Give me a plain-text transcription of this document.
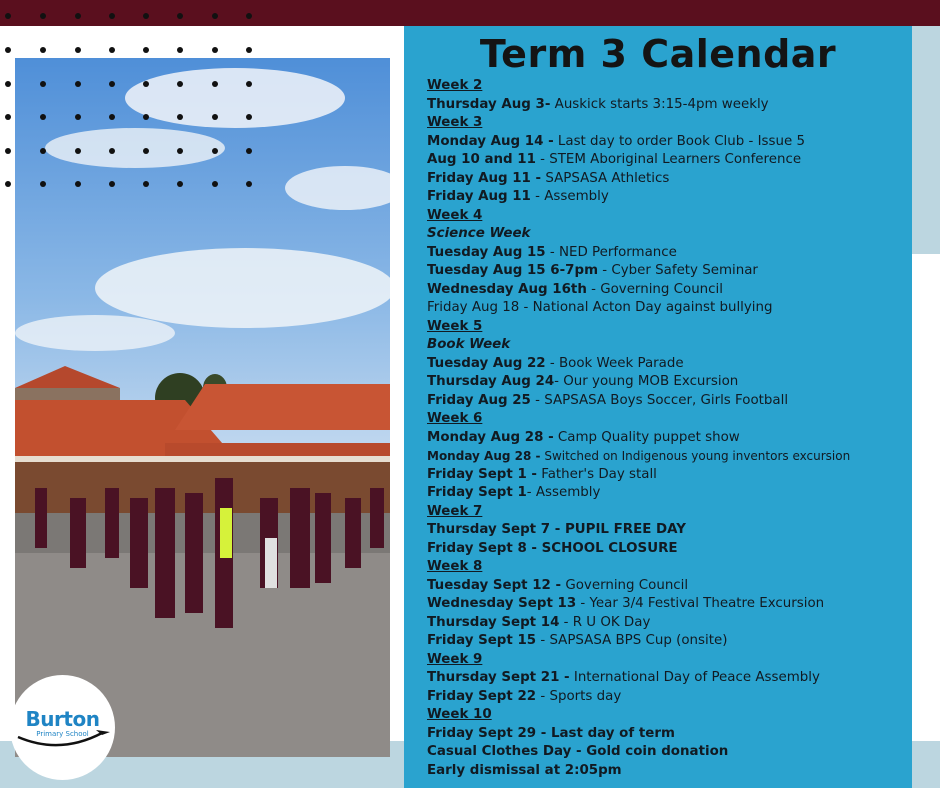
Term 3 Calendar
Week 2
Thursday Aug 3- Auskick starts 3:15-4pm weekly
Week 3
Monday Aug 14 - Last day to order Book Club - Issue 5
Aug 10 and 11 - STEM Aboriginal Learners Conference
Friday Aug 11 - SAPSASA Athletics
Friday Aug 11 - Assembly
Week 4
Science Week
Tuesday Aug 15 - NED Performance
Tuesday Aug 15 6-7pm - Cyber Safety Seminar
Wednesday Aug 16th - Governing Council
Friday Aug 18 - National Acton Day against bullying
Week 5
Book Week
Tuesday Aug 22 - Book Week Parade
Thursday Aug 24- Our young MOB Excursion
Friday Aug 25 - SAPSASA Boys Soccer, Girls Football
Week 6
Monday Aug 28 - Camp Quality puppet show
Monday Aug 28 - Switched on Indigenous young inventors excursion
Friday Sept 1 - Father's Day stall
Friday Sept 1- Assembly
Week 7
Thursday Sept 7 - PUPIL FREE DAY
Friday Sept 8 - SCHOOL CLOSURE
Week 8
Tuesday Sept 12 - Governing Council
Wednesday Sept 13 - Year 3/4 Festival Theatre Excursion
Thursday Sept 14 - R U OK Day
Friday Sept 15 - SAPSASA BPS Cup (onsite)
Week 9
Thursday Sept 21 - International Day of Peace Assembly
Friday Sept 22 - Sports day
Week 10
Friday Sept 29 - Last day of term
Casual Clothes Day - Gold coin donation
Early dismissal at 2:05pm
Burton
Primary School
